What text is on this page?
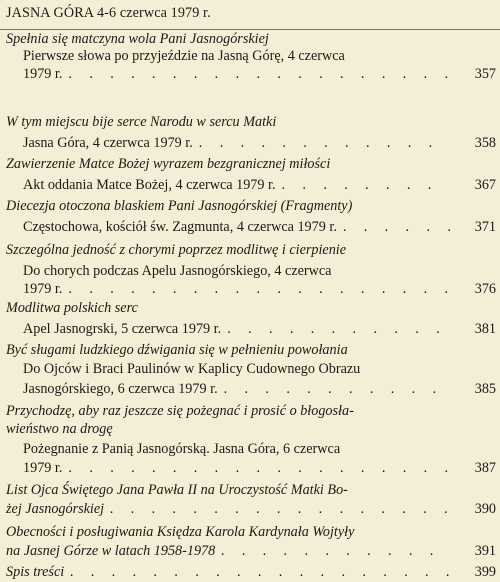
JASNA GÓRA 4-6 czerwca 1979 r.
Spełnia się matczyna wola Pani Jasnogórskiej
Pierwsze słowa po przyjeździe na Jasną Górę, 4 czerwca
1979 r. . . . . . . . . . . . . . . . . . . .	357
W tym miejscu bije serce Narodu w sercu Matki
Jasna Góra, 4 czerwca 1979 r. . . . . . . . . . . . .	358
Zawierzenie Matce Bożej wyrazem bezgranicznej miłości
Akt oddania Matce Bożej, 4 czerwca 1979 r. . . . . . . . .	367
Diecezja otoczona blaskiem Pani Jasnogórskiej (Fragmenty)
Częstochowa, kościół św. Zagmunta, 4 czerwca 1979 r. . . . . . .	371
Szczególna jedność z chorymi poprzez modlitwę i cierpienie
Do chorych podczas Apelu Jasnogórskiego, 4 czerwca
1979 r. . . . . . . . . . . . . . . . . . . .	376
Modlitwa polskich serc
Apel Jasnogrski, 5 czerwca 1979 r. . . . . . . . . . . .	381
Być sługami ludzkiego dźwigania się w pełnieniu powołania
Do Ojców i Braci Paulinów w Kaplicy Cudownego Obrazu
Jasnogórskiego, 6 czerwca 1979 r. . . . . . . . . . . .	385
Przychodzę, aby raz jeszcze się pożegnać i prosić o błogosła-
wieństwo na drogę
Pożegnanie z Panią Jasnogórską. Jasna Góra, 6 czerwca
1979 r. . . . . . . . . . . . . . . . . . . .	387
List Ojca Świętego Jana Pawła II na Uroczystość Matki Bo-
żej Jasnogórskiej . . . . . . . . . . . . . . . . .	390
Obecności i posługiwania Księdza Karola Kardynała Wojtyły
na Jasnej Górze w latach 1958-1978 . . . . . . . . . . .	391
Spis treści . . . . . . . . . . . . . . . . . . .	399
